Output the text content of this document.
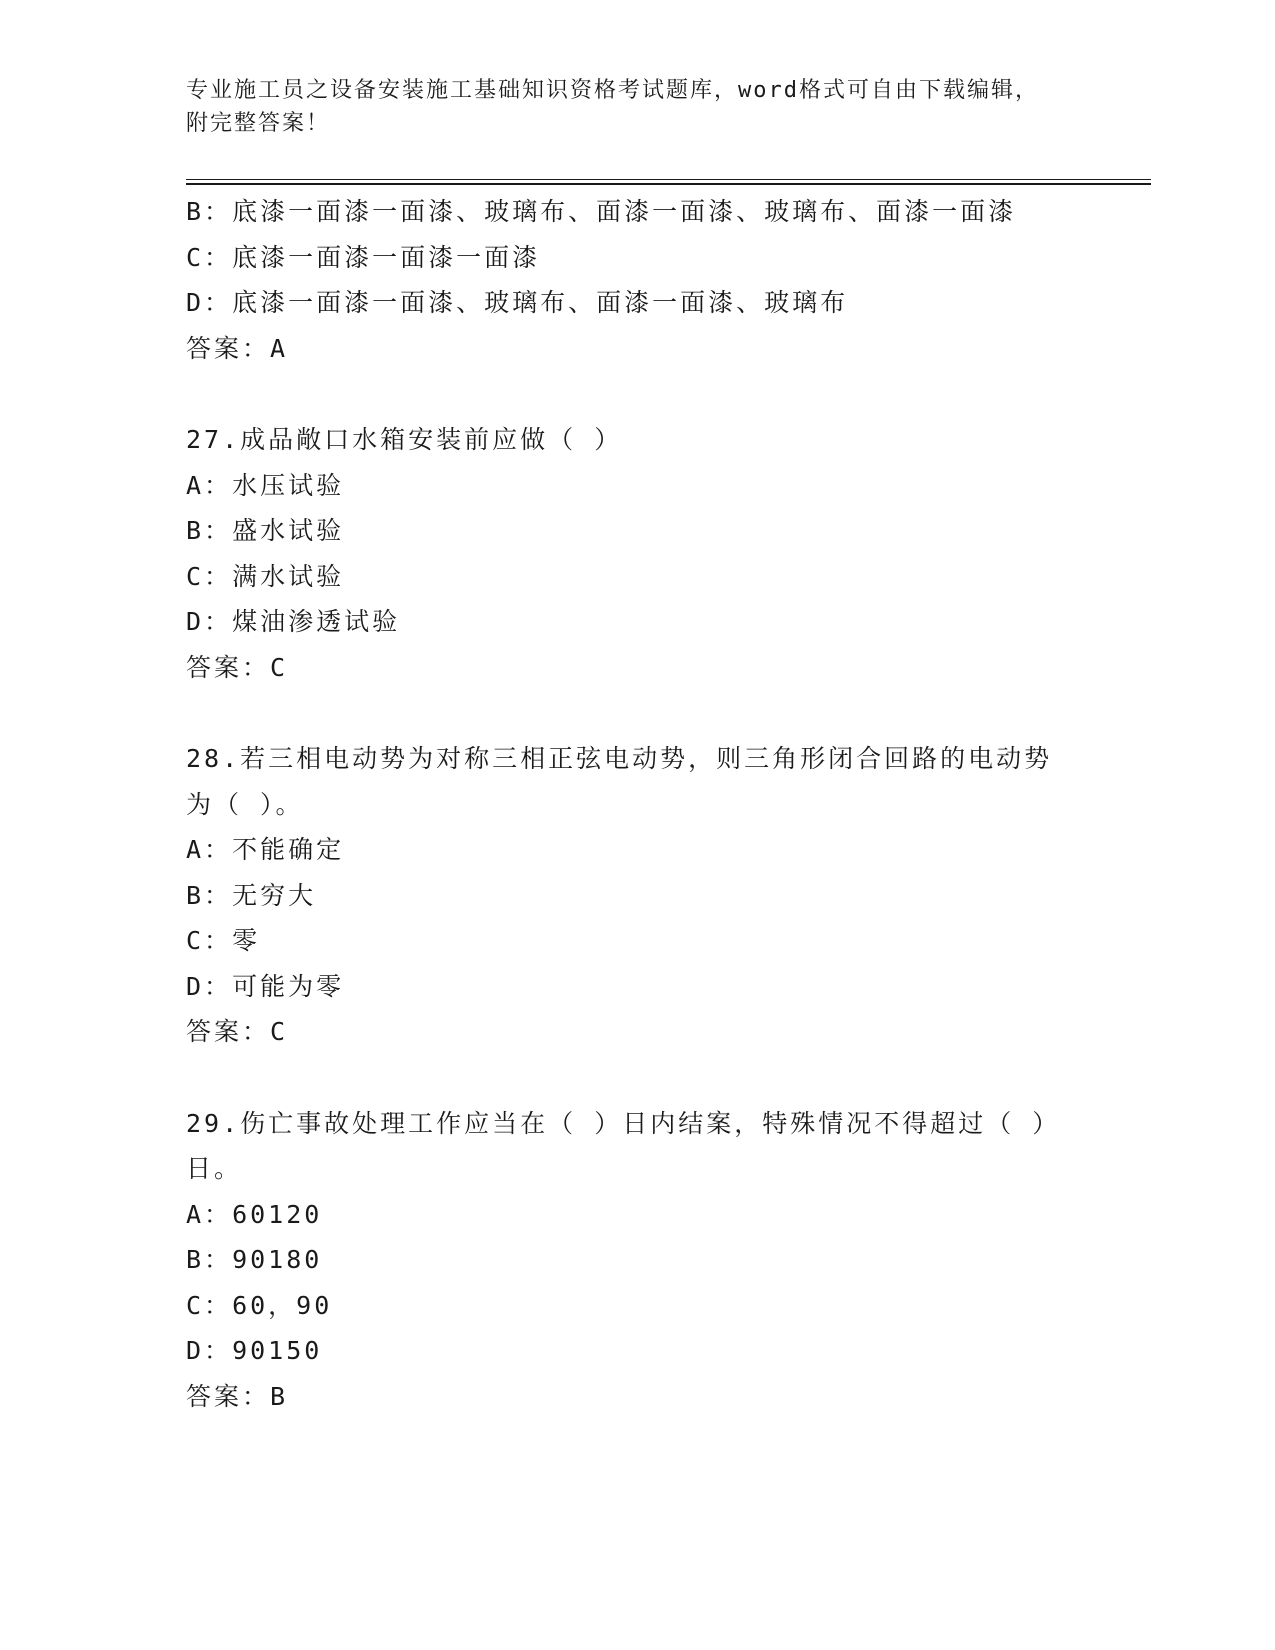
专业施工员之设备安装施工基础知识资格考试题库，word格式可自由下载编辑，
附完整答案！
B：底漆一面漆一面漆、玻璃布、面漆一面漆、玻璃布、面漆一面漆
C：底漆一面漆一面漆一面漆
D：底漆一面漆一面漆、玻璃布、面漆一面漆、玻璃布
答案：A
27.成品敞口水箱安装前应做（ ）
A：水压试验
B：盛水试验
C：满水试验
D：煤油渗透试验
答案：C
28.若三相电动势为对称三相正弦电动势，则三角形闭合回路的电动势
为（ ）。
A：不能确定
B：无穷大
C：零
D：可能为零
答案：C
29.伤亡事故处理工作应当在（ ）日内结案，特殊情况不得超过（ ）
日。
A：60120
B：90180
C：60，90
D：90150
答案：B
